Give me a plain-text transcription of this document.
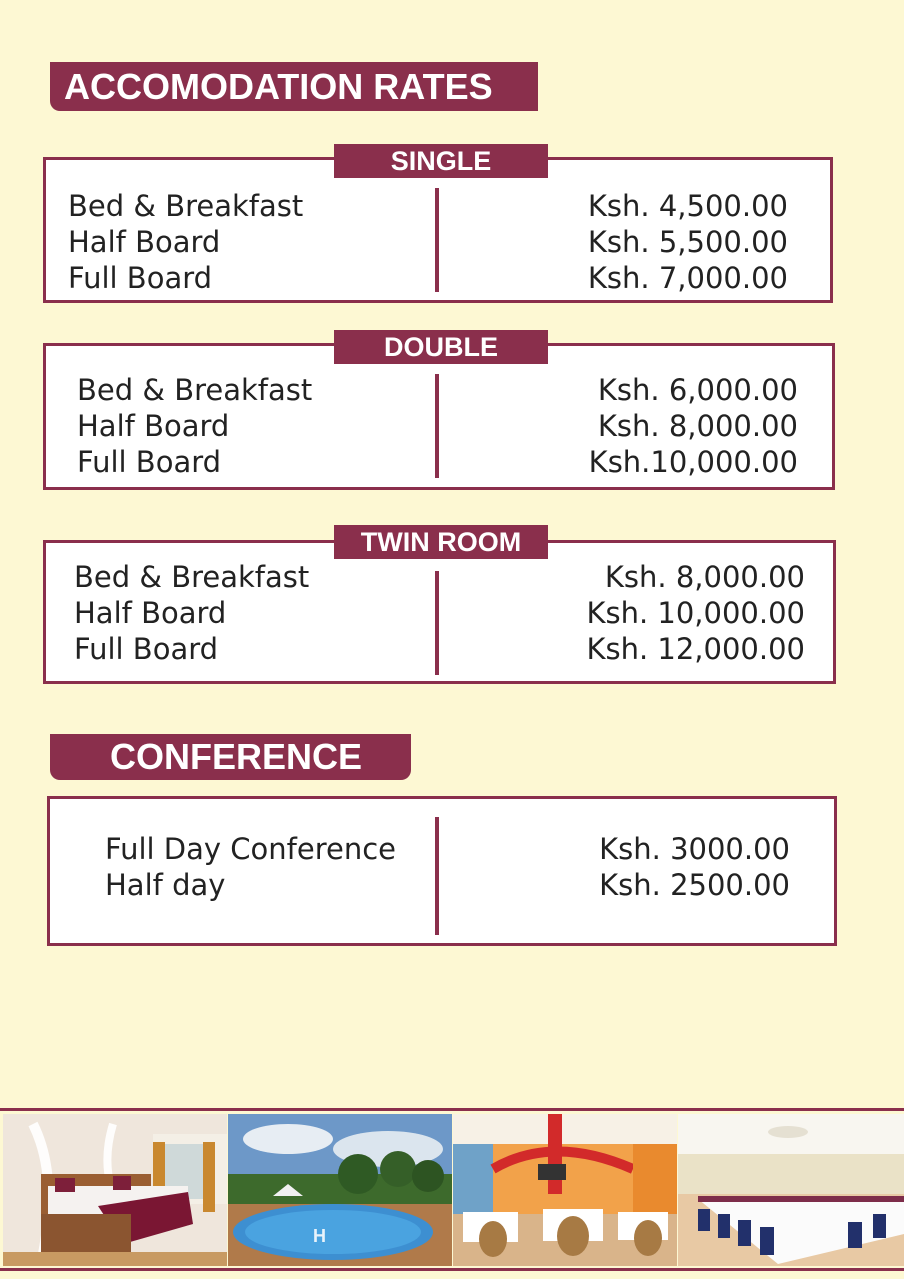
ACCOMODATION RATES
SINGLE
Bed & Breakfast
Half Board
Full Board
Ksh. 4,500.00
Ksh. 5,500.00
Ksh. 7,000.00
DOUBLE
Bed & Breakfast
Half Board
Full Board
Ksh. 6,000.00
Ksh. 8,000.00
Ksh.10,000.00
TWIN ROOM
Bed & Breakfast
Half Board
Full Board
Ksh. 8,000.00
Ksh. 10,000.00
Ksh. 12,000.00
CONFERENCE
Full Day Conference
Half day
Ksh. 3000.00
Ksh. 2500.00
H
